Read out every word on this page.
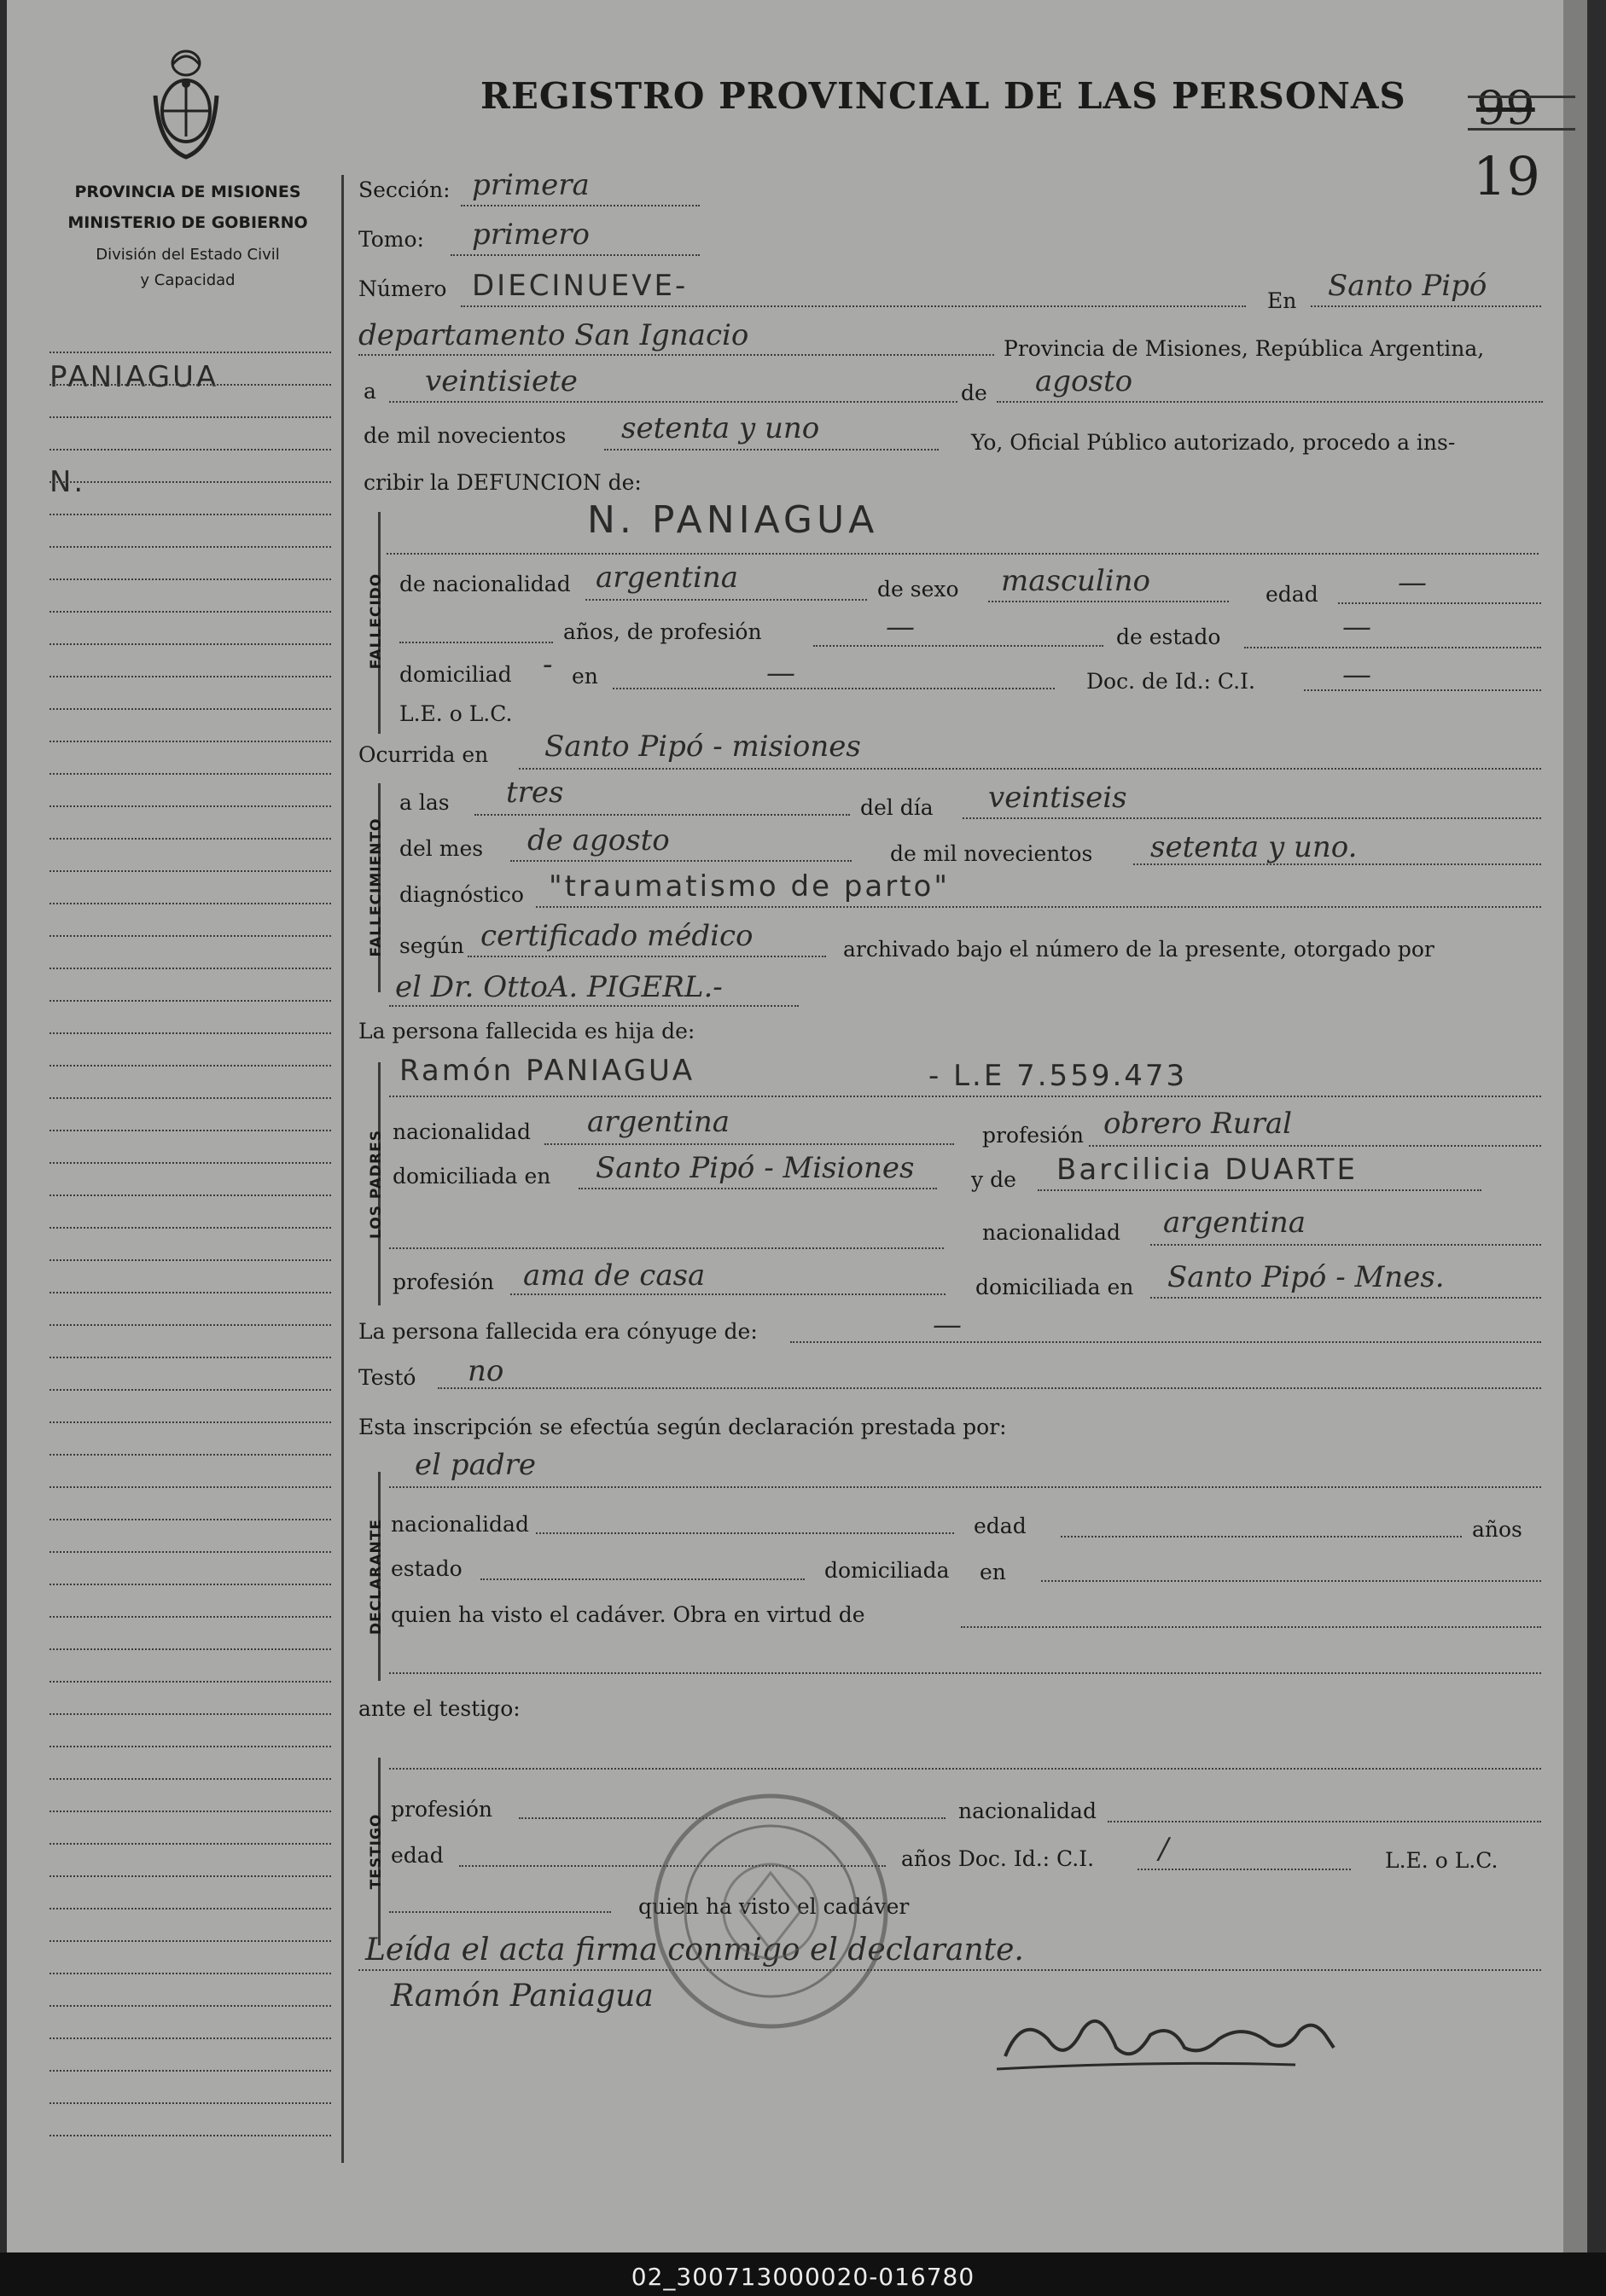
PROVINCIA DE MISIONES
MINISTERIO DE GOBIERNO
División del Estado Civil
y Capacidad
REGISTRO PROVINCIAL DE LAS PERSONAS 99
19
PANIAGUA
N.
FALLECIDO
FALLECIMIENTO
LOS PADRES
DECLARANTE
TESTIGO
Sección: primera
Tomo: primero
Número DIECINUEVE-	En Santo Pipó
departamento San Ignacio	Provincia de Misiones, República Argentina,
a veintisiete	de agosto
de mil novecientos setenta y uno	Yo, Oficial Público autorizado, procedo a ins-
cribir la DEFUNCION de:
N. PANIAGUA
de nacionalidad argentina	de sexo masculino	edad	—
años, de profesión	—	de estado	—
domiciliad - en	—	Doc. de Id.: C.I.	—
L.E. o L.C.
Ocurrida en Santo Pipó - misiones
a las tres	del día veintiseis
del mes de agosto	de mil novecientos setenta y uno.
diagnóstico "traumatismo de parto"
según certificado médico	archivado bajo el número de la presente, otorgado por
el Dr. OttoA. PIGERL.-
La persona fallecida es hija de:
Ramón PANIAGUA	- L.E 7.559.473
nacionalidad argentina	profesión obrero Rural
domiciliada en Santo Pipó - Misiones	y de Barcilicia DUARTE
nacionalidad argentina
profesión ama de casa	domiciliada en Santo Pipó - Mnes.
La persona fallecida era cónyuge de:	—
Testó no
Esta inscripción se efectúa según declaración prestada por:
el padre
nacionalidad	edad	años
estado	domiciliada en
quien ha visto el cadáver. Obra en virtud de
ante el testigo:
profesión	nacionalidad
edad	años Doc. Id.: C.I. /	L.E. o L.C.
quien ha visto el cadáver
Leída el acta firma conmigo el declarante.
Ramón Paniagua
02_300713000020-016780
